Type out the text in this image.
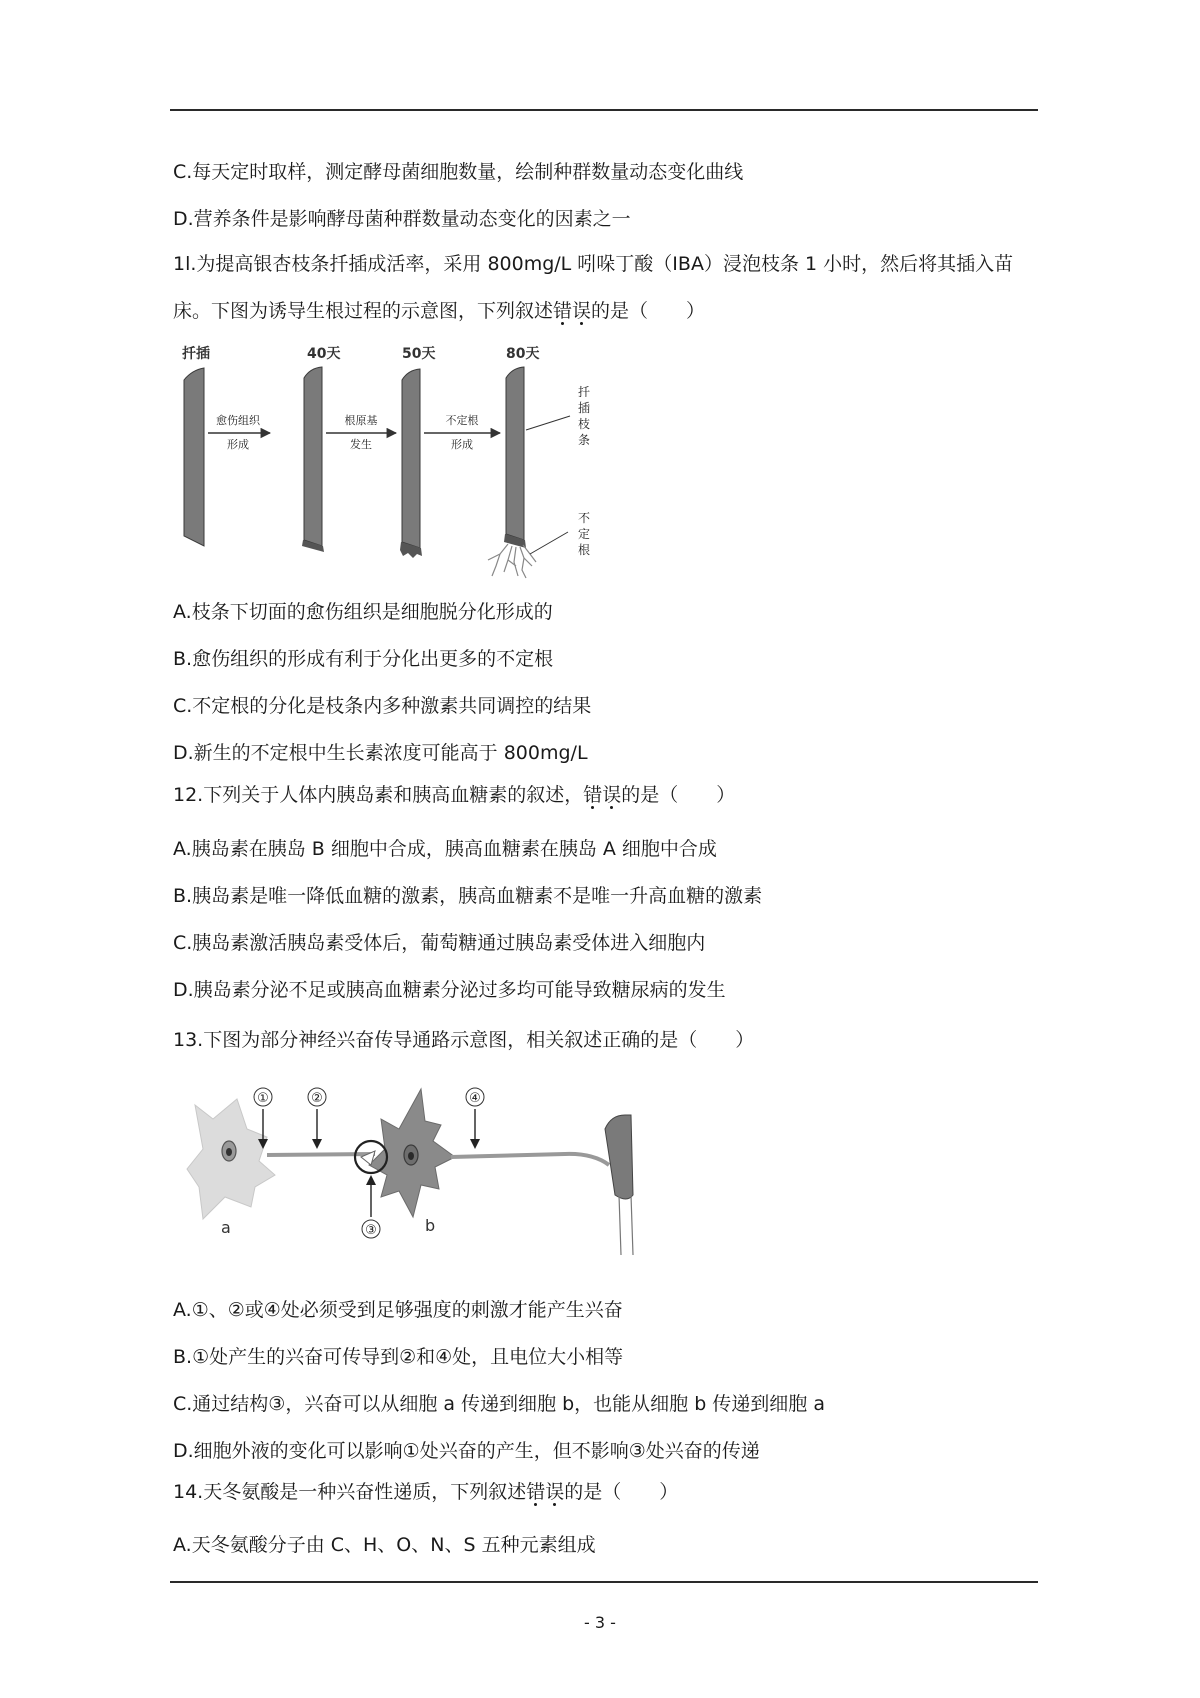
C.每天定时取样，测定酵母菌细胞数量，绘制种群数量动态变化曲线
D.营养条件是影响酵母菌种群数量动态变化的因素之一
1l.为提高银杏枝条扦插成活率，采用 800mg/L 吲哚丁酸（IBA）浸泡枝条 1 小时，然后将其插入苗床。下图为诱导生根过程的示意图，下列叙述错误的是（　　）
扦插	40天	50天	80天
愈伤组织
形成
根原基
发生
不定根
形成
扦
插
枝
条
不
定
根
A.枝条下切面的愈伤组织是细胞脱分化形成的
B.愈伤组织的形成有利于分化出更多的不定根
C.不定根的分化是枝条内多种激素共同调控的结果
D.新生的不定根中生长素浓度可能高于 800mg/L
12.下列关于人体内胰岛素和胰高血糖素的叙述，错误的是（　　）
A.胰岛素在胰岛 B 细胞中合成，胰高血糖素在胰岛 A 细胞中合成
B.胰岛素是唯一降低血糖的激素，胰高血糖素不是唯一升高血糖的激素
C.胰岛素激活胰岛素受体后，葡萄糖通过胰岛素受体进入细胞内
D.胰岛素分泌不足或胰高血糖素分泌过多均可能导致糖尿病的发生
13.下图为部分神经兴奋传导通路示意图，相关叙述正确的是（　　）
①	②	④
③
a	b
A.①、②或④处必须受到足够强度的刺激才能产生兴奋
B.①处产生的兴奋可传导到②和④处，且电位大小相等
C.通过结构③，兴奋可以从细胞 a 传递到细胞 b，也能从细胞 b 传递到细胞 a
D.细胞外液的变化可以影响①处兴奋的产生，但不影响③处兴奋的传递
14.天冬氨酸是一种兴奋性递质，下列叙述错误的是（　　）
A.天冬氨酸分子由 C、H、O、N、S 五种元素组成
- 3 -
